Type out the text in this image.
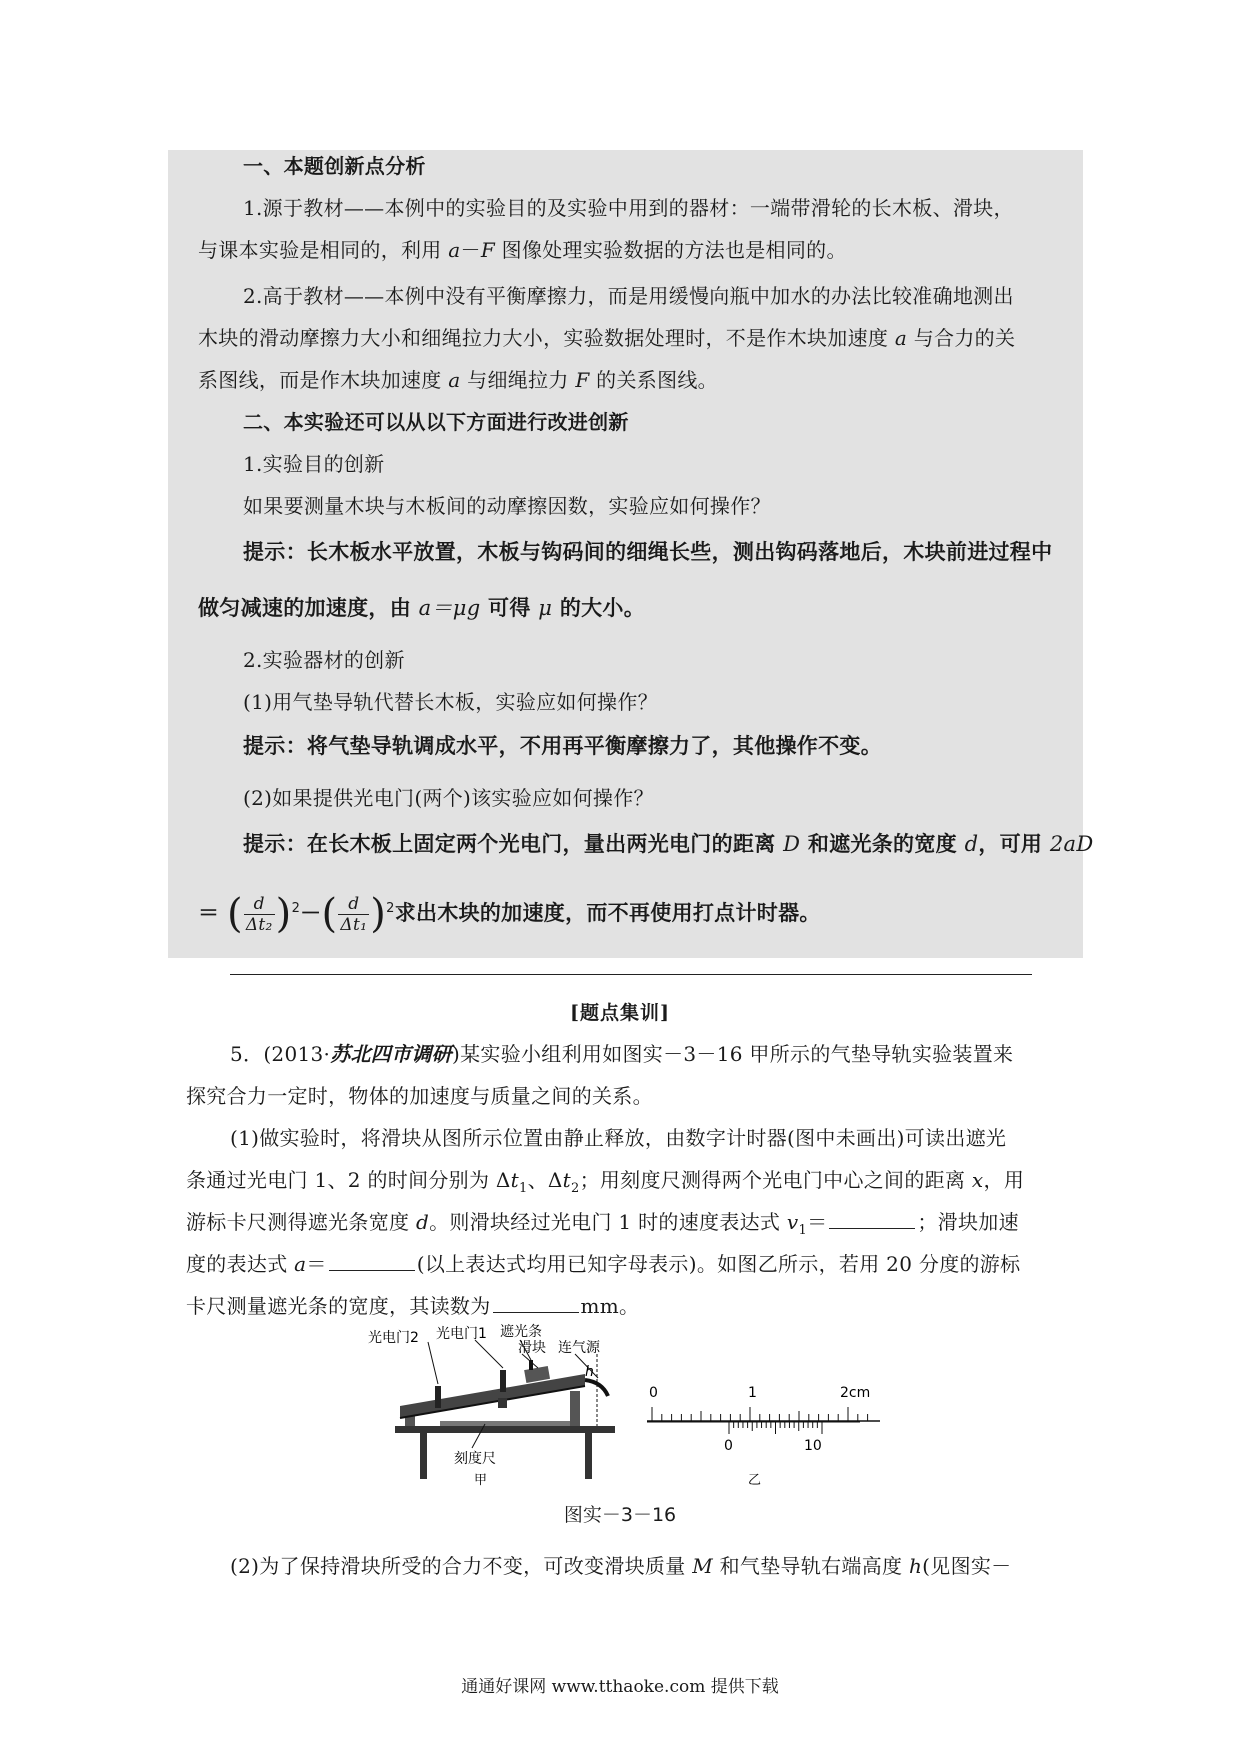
一、本题创新点分析
1.源于教材——本例中的实验目的及实验中用到的器材：一端带滑轮的长木板、滑块，
与课本实验是相同的，利用 a－F 图像处理实验数据的方法也是相同的。
2.高于教材——本例中没有平衡摩擦力，而是用缓慢向瓶中加水的办法比较准确地测出
木块的滑动摩擦力大小和细绳拉力大小，实验数据处理时，不是作木块加速度 a 与合力的关
系图线，而是作木块加速度 a 与细绳拉力 F 的关系图线。
二、本实验还可以从以下方面进行改进创新
1.实验目的创新
如果要测量木块与木板间的动摩擦因数，实验应如何操作？
提示：长木板水平放置，木板与钩码间的细绳长些，测出钩码落地后，木块前进过程中
做匀减速的加速度，由 a＝μg 可得 μ 的大小。
2.实验器材的创新
(1)用气垫导轨代替长木板，实验应如何操作？
提示：将气垫导轨调成水平，不用再平衡摩擦力了，其他操作不变。
(2)如果提供光电门(两个)该实验应如何操作？
提示：在长木板上固定两个光电门，量出两光电门的距离 D 和遮光条的宽度 d，可用 2aD
＝ ( $\frac{d}{\text{Δt₂}} )^2-( \frac{d}{\text{Δt₁}} )^2$求出木块的加速度，而不再使用打点计时器。
[题点集训]
5．(2013·苏北四市调研)某实验小组利用如图实－3－16 甲所示的气垫导轨实验装置来
探究合力一定时，物体的加速度与质量之间的关系。
(1)做实验时，将滑块从图所示位置由静止释放，由数字计时器(图中未画出)可读出遮光
条通过光电门 1、2 的时间分别为 $\Delta t_1$、$\Delta t_2$；用刻度尺测得两个光电门中心之间的距离 x，用
游标卡尺测得遮光条宽度 d。则滑块经过光电门 1 时的速度表达式 $v_1=$	；滑块加速
度的表达式 a＝	(以上表达式均用已知字母表示)。如图乙所示，若用 20 分度的游标
卡尺测量遮光条的宽度，其读数为	mm。
光电门2 光电门1 遮光条
滑块 连气源
h
刻度尺
甲
0	1	2cm
0	10
乙
图实－3－16
(2)为了保持滑块所受的合力不变，可改变滑块质量 M 和气垫导轨右端高度 h(见图实－
通通好课网 www.tthaoke.com 提供下载
